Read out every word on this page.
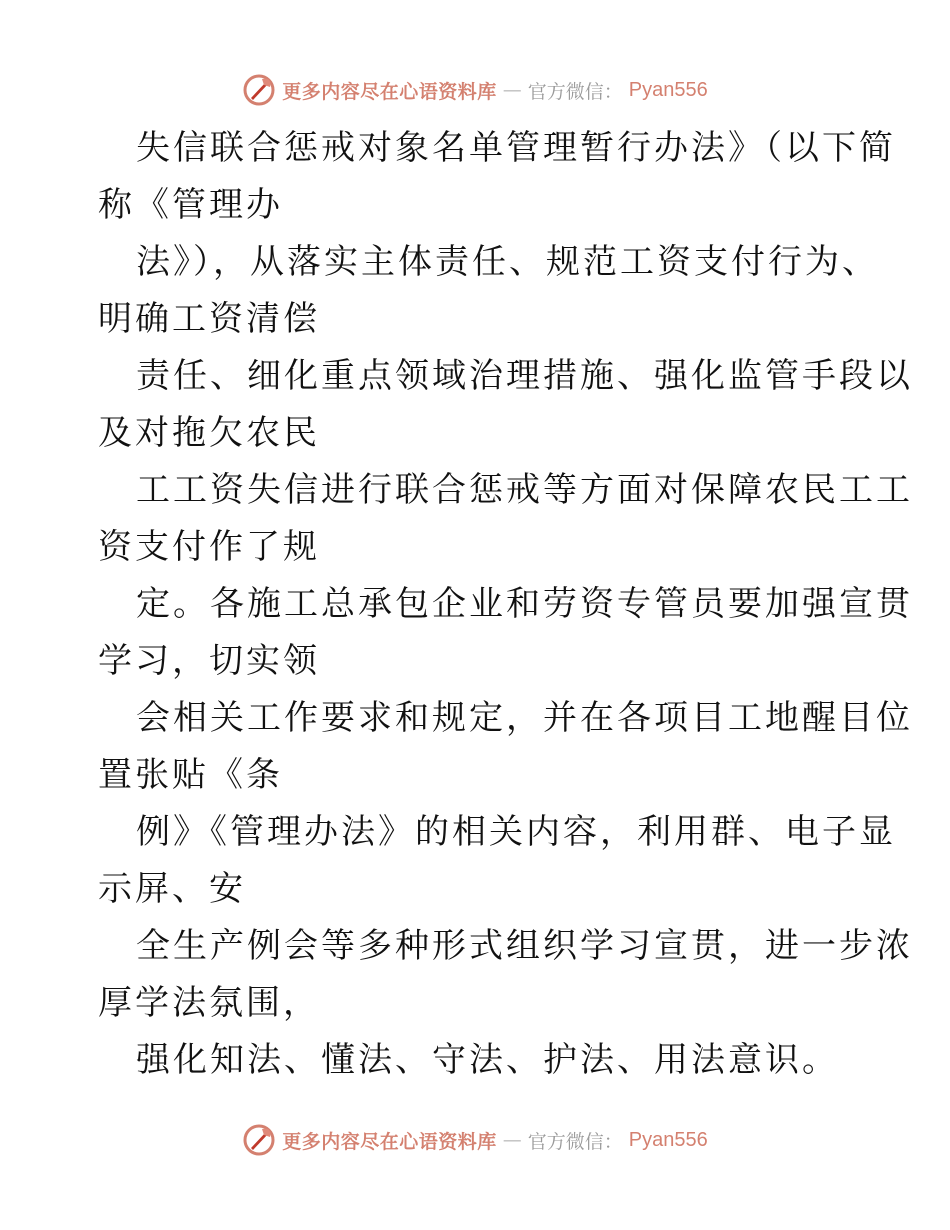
更多内容尽在心语资料库 — 官方微信： Pyan556
失信联合惩戒对象名单管理暂行办法》（以下简
称《管理办
法》），从落实主体责任、规范工资支付行为、
明确工资清偿
责任、细化重点领域治理措施、强化监管手段以
及对拖欠农民
工工资失信进行联合惩戒等方面对保障农民工工
资支付作了规
定。各施工总承包企业和劳资专管员要加强宣贯
学习，切实领
会相关工作要求和规定，并在各项目工地醒目位
置张贴《条
例》《管理办法》的相关内容，利用群、电子显
示屏、安
全生产例会等多种形式组织学习宣贯，进一步浓
厚学法氛围，
强化知法、懂法、守法、护法、用法意识。
更多内容尽在心语资料库 — 官方微信： Pyan556
